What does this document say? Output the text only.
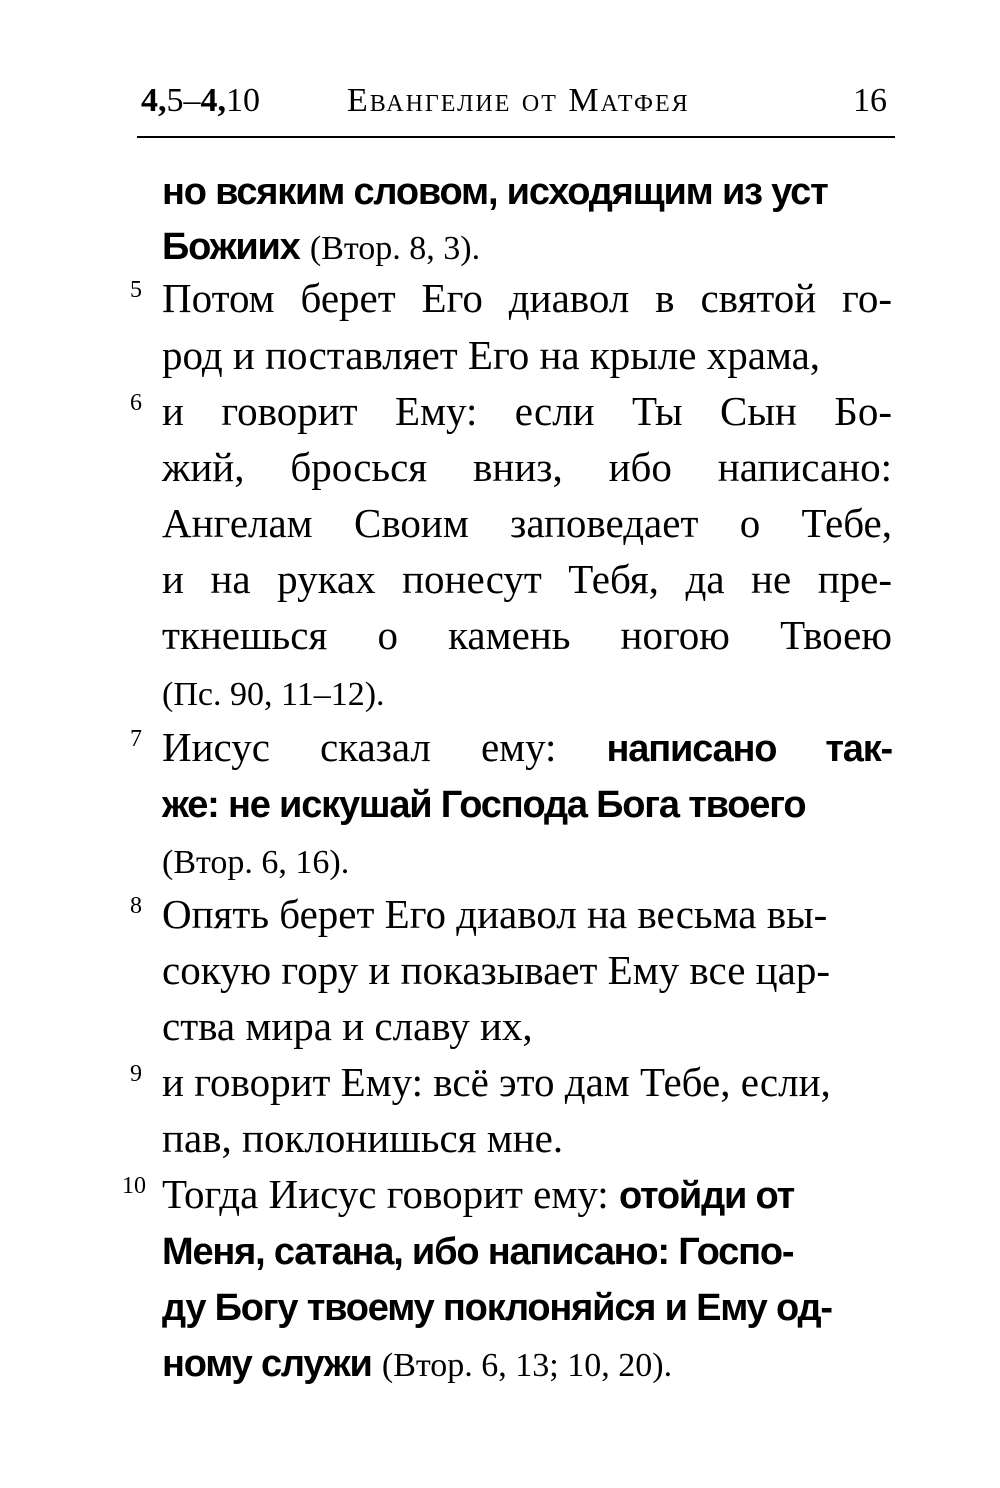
4,5–4,10	Евангелие от Матфея	16
но всяким словом, исходящим из уст
Божиих (Втор. 8, 3).
5 Потом берет Его диавол в святой го-
род и поставляет Его на крыле храма,
6 и говорит Ему: если Ты Сын Бо-
жий, бросься вниз, ибо написано:
Ангелам Своим заповедает о Тебе,
и на руках понесут Тебя, да не пре-
ткнешься о камень ногою Твоею
(Пс. 90, 11–12).
7 Иисус сказал ему: написано так-
же: не искушай Господа Бога твоего
(Втор. 6, 16).
8 Опять берет Его диавол на весьма вы-
сокую гору и показывает Ему все цар-
ства мира и славу их,
9 и говорит Ему: всё это дам Тебе, если,
пав, поклонишься мне.
10 Тогда Иисус говорит ему: отойди от
Меня, сатана, ибо написано: Госпо-
ду Богу твоему поклоняйся и Ему од-
ному служи (Втор. 6, 13; 10, 20).
